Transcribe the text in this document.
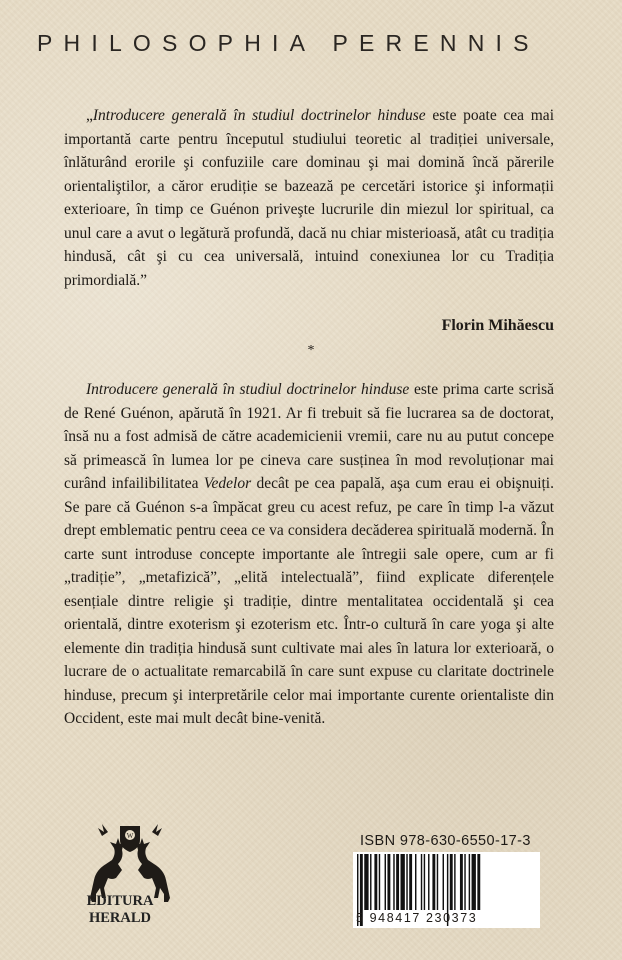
PHILOSOPHIA PERENNIS

„Introducere generală în studiul doctrinelor hinduse este poate cea mai importantă carte pentru începutul studiului teoretic al tradiției universale, înlăturând erorile şi confuziile care dominau şi mai domină încă părerile orientaliştilor, a căror erudiție se bazează pe cercetări istorice şi informații exterioare, în timp ce Guénon priveşte lucrurile din miezul lor spiritual, ca unul care a avut o legătură profundă, dacă nu chiar misterioasă, atât cu tradiția hindusă, cât şi cu cea universală, intuind conexiunea lor cu Tradiția primordială.”

Florin Mihăescu

*

Introducere generală în studiul doctrinelor hinduse este prima carte scrisă de René Guénon, apărută în 1921. Ar fi trebuit să fie lucrarea sa de doctorat, însă nu a fost admisă de către academicienii vremii, care nu au putut concepe să primească în lumea lor pe cineva care susținea în mod revoluționar mai curând infailibilitatea Vedelor decât pe cea papală, aşa cum erau ei obişnuiți. Se pare că Guénon s-a împăcat greu cu acest refuz, pe care în timp l-a văzut drept emblematic pentru ceea ce va considera decăderea spirituală modernă. În carte sunt introduse concepte importante ale întregii sale opere, cum ar fi „tradiție”, „metafizică”, „elită intelectuală”, fiind explicate diferențele esențiale dintre religie şi tradiție, dintre mentalitatea occidentală şi cea orientală, dintre exoterism şi ezoterism etc. Într-o cultură în care yoga şi alte elemente din tradiția hindusă sunt cultivate mai ales în latura lor exterioară, o lucrare de o actualitate remarcabilă în care sunt expuse cu claritate doctrinele hinduse, precum şi interpretările celor mai importante curente orientaliste din Occident, este mai mult decât bine-venită.

W

EDITURA
HERALD

ISBN 978-630-6550-17-3

5 948417 230373
